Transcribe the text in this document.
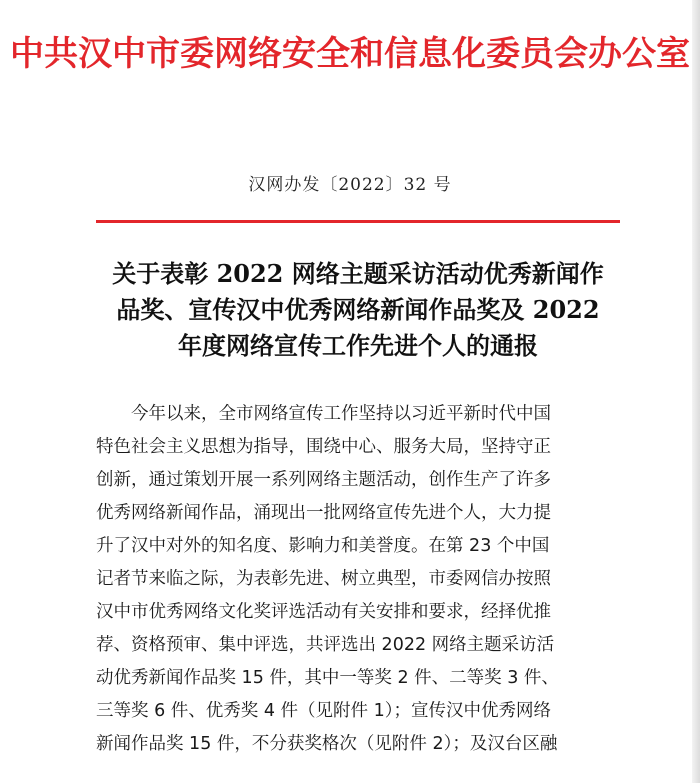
中共汉中市委网络安全和信息化委员会办公室
汉网办发〔2022〕32 号
关于表彰 2022 网络主题采访活动优秀新闻作
品奖、宣传汉中优秀网络新闻作品奖及 2022
年度网络宣传工作先进个人的通报
今年以来，全市网络宣传工作坚持以习近平新时代中国
特色社会主义思想为指导，围绕中心、服务大局，坚持守正
创新，通过策划开展一系列网络主题活动，创作生产了许多
优秀网络新闻作品，涌现出一批网络宣传先进个人，大力提
升了汉中对外的知名度、影响力和美誉度。在第 23 个中国
记者节来临之际，为表彰先进、树立典型，市委网信办按照
汉中市优秀网络文化奖评选活动有关安排和要求，经择优推
荐、资格预审、集中评选，共评选出 2022 网络主题采访活
动优秀新闻作品奖 15 件，其中一等奖 2 件、二等奖 3 件、
三等奖 6 件、优秀奖 4 件（见附件 1）；宣传汉中优秀网络
新闻作品奖 15 件，不分获奖格次（见附件 2）；及汉台区融
